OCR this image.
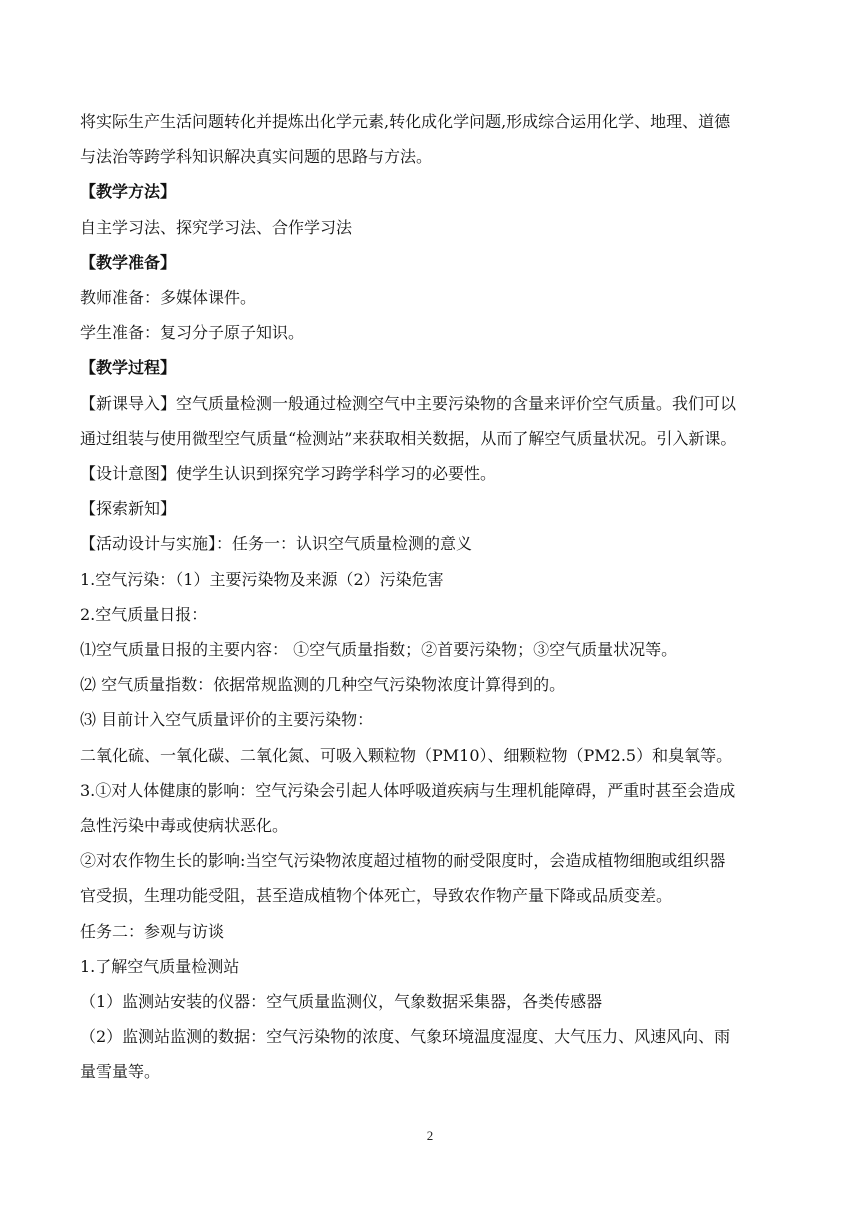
将实际生产生活问题转化并提炼出化学元素,转化成化学问题,形成综合运用化学、地理、道德
与法治等跨学科知识解决真实问题的思路与方法。
【教学方法】
自主学习法、探究学习法、合作学习法
【教学准备】
教师准备：多媒体课件。
学生准备：复习分子原子知识。
【教学过程】
【新课导入】空气质量检测一般通过检测空气中主要污染物的含量来评价空气质量。我们可以
通过组装与使用微型空气质量“检测站”来获取相关数据，从而了解空气质量状况。引入新课。
【设计意图】使学生认识到探究学习跨学科学习的必要性。
【探索新知】
【活动设计与实施】：任务一：认识空气质量检测的意义
1.空气污染：（1）主要污染物及来源（2）污染危害
2.空气质量日报：
⑴空气质量日报的主要内容： ①空气质量指数；②首要污染物；③空气质量状况等。
⑵ 空气质量指数：依据常规监测的几种空气污染物浓度计算得到的。
⑶ 目前计入空气质量评价的主要污染物：
二氧化硫、一氧化碳、二氧化氮、可吸入颗粒物（PM10）、细颗粒物（PM2.5）和臭氧等。
3.①对人体健康的影响：空气污染会引起人体呼吸道疾病与生理机能障碍，严重时甚至会造成
急性污染中毒或使病状恶化。
②对农作物生长的影响:当空气污染物浓度超过植物的耐受限度时，会造成植物细胞或组织器
官受损，生理功能受阻，甚至造成植物个体死亡，导致农作物产量下降或品质变差。
任务二：参观与访谈
1.了解空气质量检测站
（1）监测站安装的仪器：空气质量监测仪，气象数据采集器，各类传感器
（2）监测站监测的数据：空气污染物的浓度、气象环境温度湿度、大气压力、风速风向、雨
量雪量等。
2
